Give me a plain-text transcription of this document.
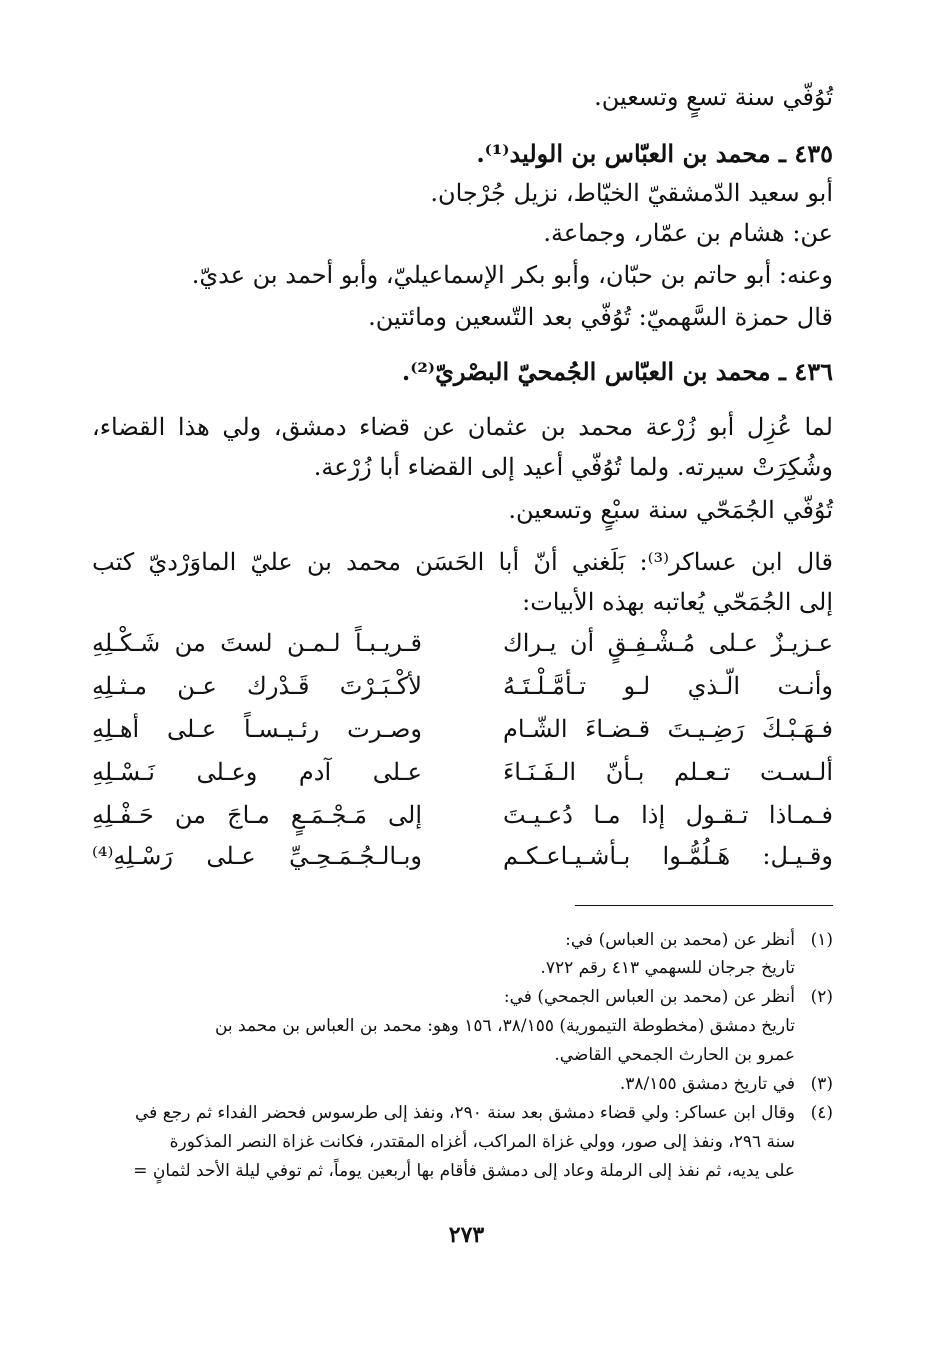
تُوُفّي سنة تسعٍ وتسعين.
٤٣٥ ـ محمد بن العبّاس بن الوليد⁽¹⁾.
أبو سعيد الدّمشقيّ الخيّاط، نزيل جُرْجان.
عن: هشام بن عمّار، وجماعة.
وعنه: أبو حاتم بن حبّان، وأبو بكر الإسماعيليّ، وأبو أحمد بن عديّ.
قال حمزة السَّهميّ: تُوُفّي بعد التّسعين ومائتين.
٤٣٦ ـ محمد بن العبّاس الجُمحيّ البصْريّ⁽²⁾.
لما عُزِل أبو زُرْعة محمد بن عثمان عن قضاء دمشق، ولي هذا القضاء،
وشُكِرَتْ سيرته. ولما تُوُفّي أعيد إلى القضاء أبا زُرْعة.
تُوُفّي الجُمَحّي سنة سبْعٍ وتسعين.
قال ابن عساكر⁽³⁾: بَلَغني أنّ أبا الحَسَن محمد بن عليّ الماوَرْديّ كتب
إلى الجُمَحّي يُعاتبه بهذه الأبيات:
عـزيـزٌ عـلى مُـشْـفِـقٍ أن يـراك
قـريـبـاً لـمـن لستَ من شَـكْـلِهِ
وأنـت الّـذي لـو تـأمَّـلْـتَـهُ
لأكْـبَـرْتَ قَـدْرك عـن مـثـلِهِ
فـهَـبْـكَ رَضِـيـتَ قـضـاءَ الشّـام
وصـرت رئـيـسـاً عـلى أهـلِهِ
ألـسـت تـعـلم بـأنّ الـفَـنَـاءَ
عـلى آدم وعـلى نَـسْـلِهِ
فـمـاذا تـقـول إذا مـا دُعـيـتَ
إلى مَـجْـمَـعٍ مـاجَ من حَـفْـلِهِ
وقـيـل: هَـلُمُّـوا بـأشـيـاعـكـم
وبـالـجُـمَـحِـيِّ عـلى رَسْـلِهِ⁽⁴⁾
(١)أنظر عن (محمد بن العباس) في:
تاريخ جرجان للسهمي ٤١٣ رقم ٧٢٢.
(٢)أنظر عن (محمد بن العباس الجمحي) في:
تاريخ دمشق (مخطوطة التيمورية) ٣٨/١٥٥، ١٥٦ وهو: محمد بن العباس بن محمد بن
عمرو بن الحارث الجمحي القاضي.
(٣)في تاريخ دمشق ٣٨/١٥٥.
(٤)وقال ابن عساكر: ولي قضاء دمشق بعد سنة ٢٩٠، ونفذ إلى طرسوس فحضر الفداء ثم رجع في
سنة ٢٩٦، ونفذ إلى صور، وولي غزاة المراكب، أغزاه المقتدر، فكانت غزاة النصر المذكورة
على يديه، ثم نفذ إلى الرملة وعاد إلى دمشق فأقام بها أربعين يوماً، ثم توفي ليلة الأحد لثمانٍ =
٢٧٣
